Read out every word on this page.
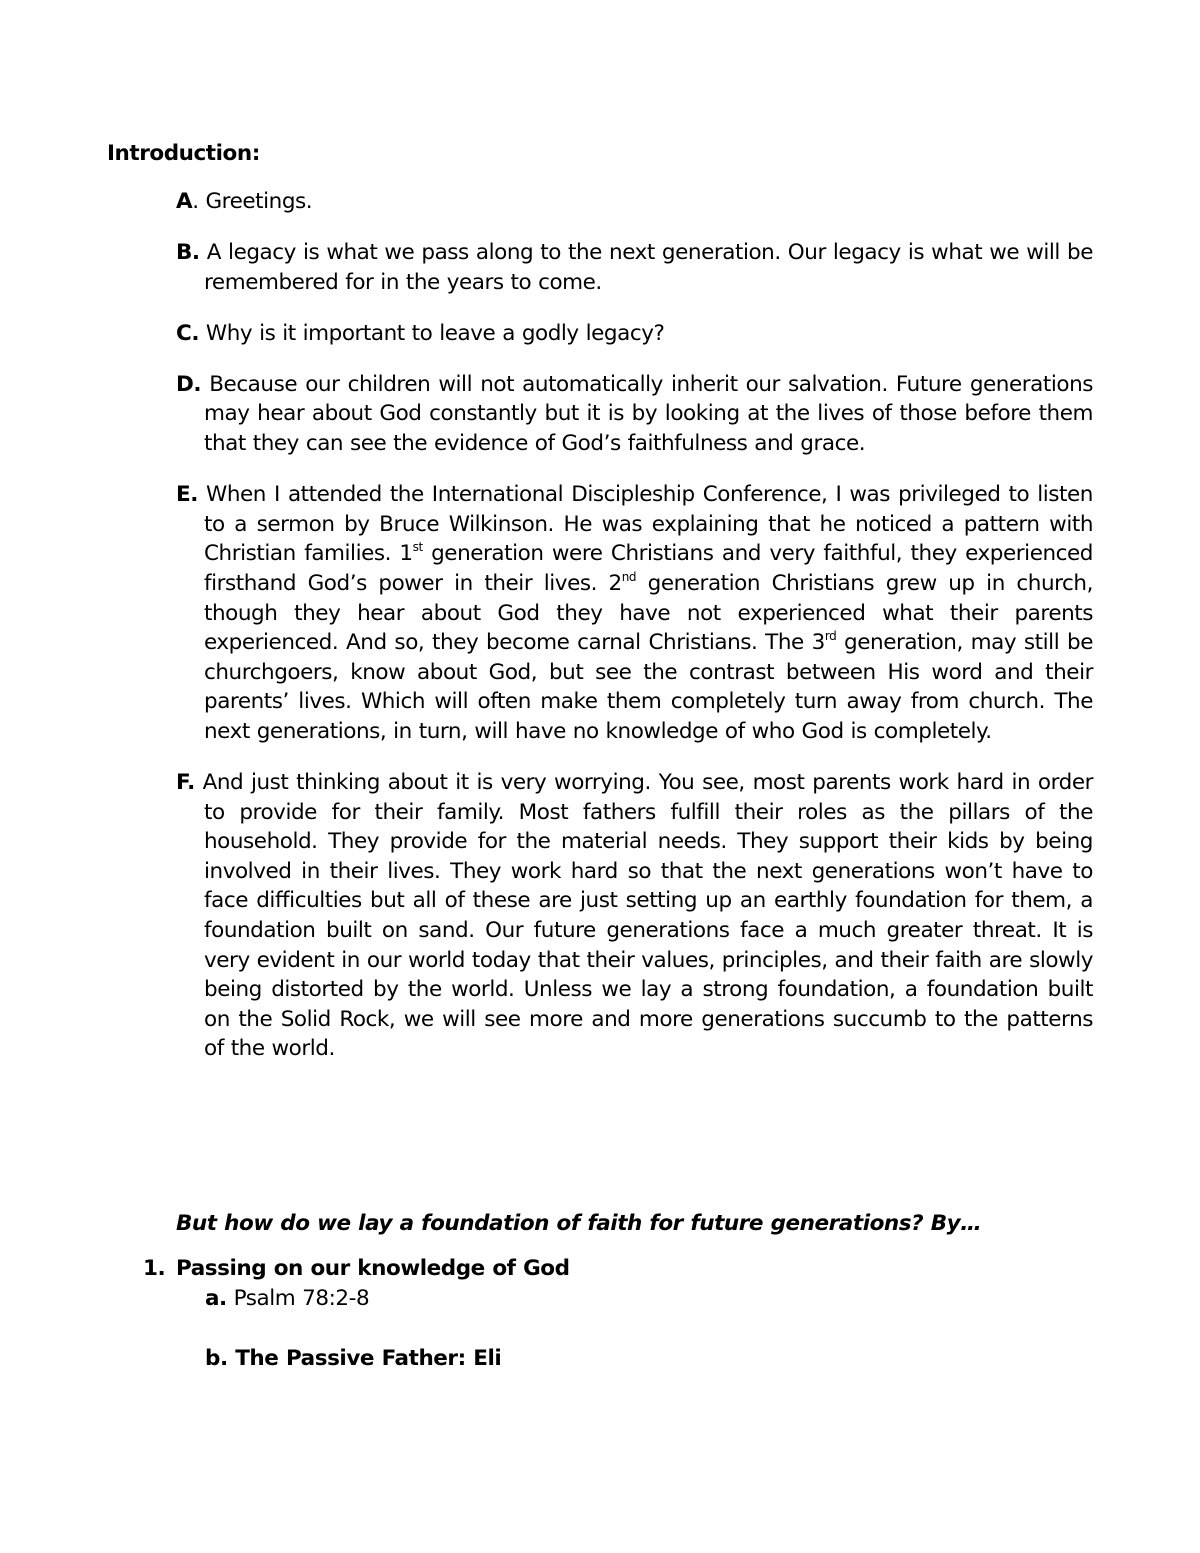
Introduction:

A. Greetings.

B. A legacy is what we pass along to the next generation. Our legacy is what we will be remembered for in the years to come.

C. Why is it important to leave a godly legacy?

D. Because our children will not automatically inherit our salvation. Future generations may hear about God constantly but it is by looking at the lives of those before them that they can see the evidence of God’s faithfulness and grace.

E. When I attended the International Discipleship Conference, I was privileged to listen to a sermon by Bruce Wilkinson. He was explaining that he noticed a pattern with Christian families. 1st generation were Christians and very faithful, they experienced firsthand God’s power in their lives. 2nd generation Christians grew up in church, though they hear about God they have not experienced what their parents experienced. And so, they become carnal Christians. The 3rd generation, may still be churchgoers, know about God, but see the contrast between His word and their parents’ lives. Which will often make them completely turn away from church. The next generations, in turn, will have no knowledge of who God is completely.

F. And just thinking about it is very worrying. You see, most parents work hard in order to provide for their family. Most fathers fulfill their roles as the pillars of the household. They provide for the material needs. They support their kids by being involved in their lives. They work hard so that the next generations won’t have to face difficulties but all of these are just setting up an earthly foundation for them, a foundation built on sand. Our future generations face a much greater threat. It is very evident in our world today that their values, principles, and their faith are slowly being distorted by the world. Unless we lay a strong foundation, a foundation built on the Solid Rock, we will see more and more generations succumb to the patterns of the world.

But how do we lay a foundation of faith for future generations? By…
1. Passing on our knowledge of God
a. Psalm 78:2-8
b. The Passive Father: Eli
